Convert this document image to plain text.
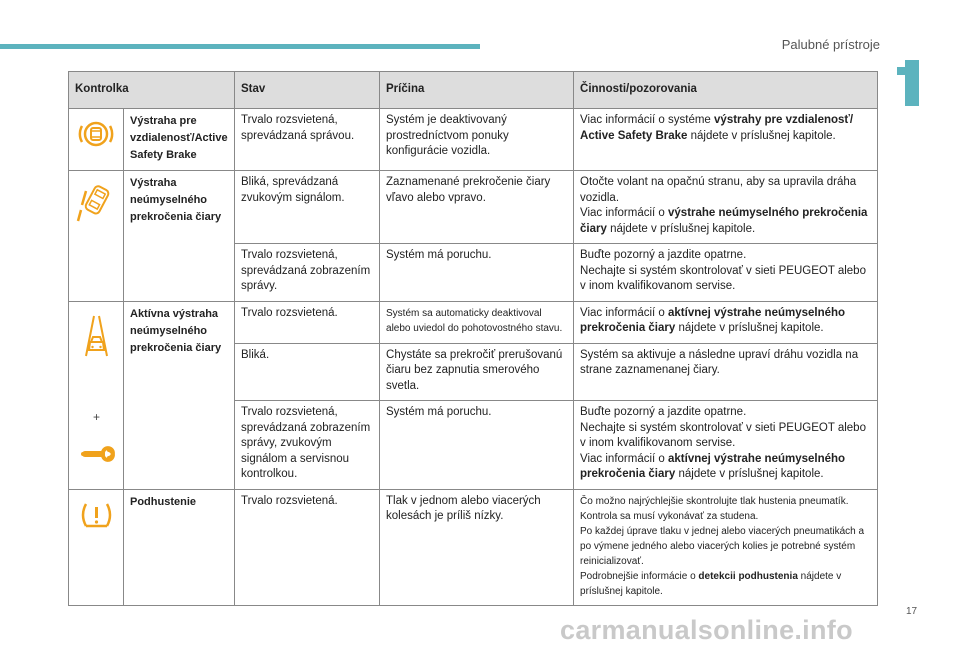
Palubné prístroje
Kontrolka		Stav	Príčina	Činnosti/pozorovania

	Výstraha pre vzdialenosť/Active Safety Brake	Trvalo rozsvietená, sprevádzaná správou.	Systém je deaktivovaný prostredníctvom ponuky konfigurácie vozidla.	Viac informácií o systéme výstrahy pre vzdialenosť/ Active Safety Brake nájdete v príslušnej kapitole.

	Výstraha neúmyselného prekročenia čiary	Bliká, sprevádzaná zvukovým signálom.	Zaznamenané prekročenie čiary vľavo alebo vpravo.	Otočte volant na opačnú stranu, aby sa upravila dráha vozidla.
Viac informácií o výstrahe neúmyselného prekročenia čiary nájdete v príslušnej kapitole.

		Trvalo rozsvietená, sprevádzaná zobrazením správy.	Systém má poruchu.	Buďte pozorný a jazdite opatrne.
Nechajte si systém skontrolovať v sieti PEUGEOT alebo v inom kvalifikovanom servise.

+	Aktívna výstraha neúmyselného prekročenia čiary	Trvalo rozsvietená.	Systém sa automaticky deaktivoval alebo uviedol do pohotovostného stavu.	Viac informácií o aktívnej výstrahe neúmyselného prekročenia čiary nájdete v príslušnej kapitole.
		Bliká.	Chystáte sa prekročiť prerušovanú čiaru bez zapnutia smerového svetla.	Systém sa aktivuje a následne upraví dráhu vozidla na strane zaznamenanej čiary.
		Trvalo rozsvietená, sprevádzaná zobrazením správy, zvukovým signálom a servisnou kontrolkou.	Systém má poruchu.	Buďte pozorný a jazdite opatrne.
Nechajte si systém skontrolovať v sieti PEUGEOT alebo v inom kvalifikovanom servise.
Viac informácií o aktívnej výstrahe neúmyselného prekročenia čiary nájdete v príslušnej kapitole.

	Podhustenie	Trvalo rozsvietená.	Tlak v jednom alebo viacerých kolesách je príliš nízky.	Čo možno najrýchlejšie skontrolujte tlak hustenia pneumatík.
Kontrola sa musí vykonávať za studena.
Po každej úprave tlaku v jednej alebo viacerých pneumatikách a po výmene jedného alebo viacerých kolies je potrebné systém reinicializovať.
Podrobnejšie informácie o detekcii podhustenia nájdete v príslušnej kapitole.
17
carmanualsonline.info
